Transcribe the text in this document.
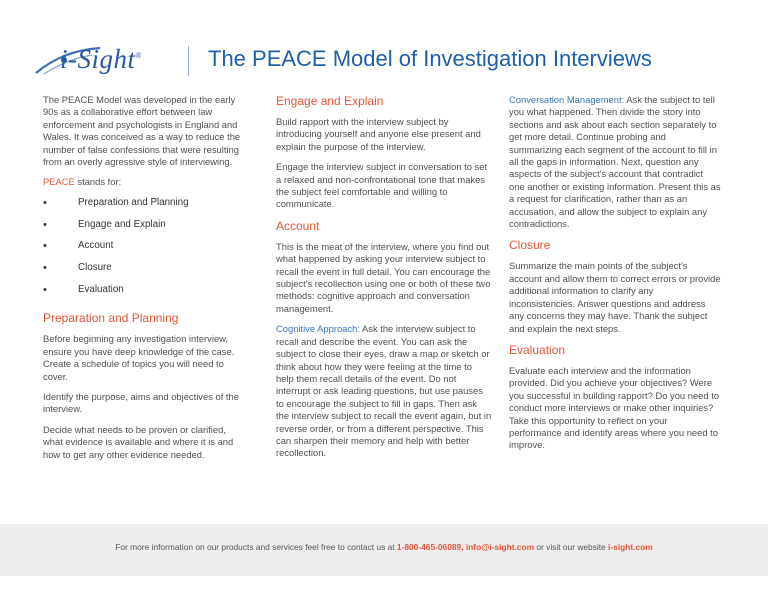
i-Sight®	The PEACE Model of Investigation Interviews

The PEACE Model was developed in the early 90s as a collaborative effort between law enforcement and psychologists in England and Wales. It was conceived as a way to reduce the number of false confessions that were resulting from an overly agressive style of interviewing.

PEACE stands for:

• Preparation and Planning
• Engage and Explain
• Account
• Closure
• Evaluation
Preparation and Planning

Before beginning any investigation interview, ensure you have deep knowledge of the case. Create a schedule of topics you will need to cover.

Identify the purpose, aims and objectives of the interview.

Decide what needs to be proven or clarified, what evidence is available and where it is and how to get any other evidence needed.

Engage and Explain

Build rapport with the interview subject by introducing yourself and anyone else present and explain the purpose of the interview.

Engage the interview subject in conversation to set a relaxed and non-confrontational tone that makes the subject feel comfortable and willing to communicate.

Account

This is the meat of the interview, where you find out what happened by asking your interview subject to recall the event in full detail. You can encourage the subject's recollection using one or both of these two methods: cognitive approach and conversation management.

Cognitive Approach: Ask the interview subject to recall and describe the event. You can ask the subject to close their eyes, draw a map or sketch or think about how they were feeling at the time to help them recall details of the event. Do not interrupt or ask leading questions, but use pauses to encourage the subject to fill in gaps. Then ask the interview subject to recall the event again, but in reverse order, or from a different perspective. This can sharpen their memory and help with better recollection.

Conversation Management: Ask the subject to tell you what happened. Then divide the story into sections and ask about each section separately to get more detail. Continue probing and summarizing each segment of the account to fill in all the gaps in information. Next, question any aspects of the subject's account that contradict one another or existing information. Present this as a request for clarification, rather than as an accusation, and allow the subject to explain any contradictions.

Closure

Summarize the main points of the subject's account and allow them to correct errors or provide additional information to clarify any inconsistencies. Answer questions and address any concerns they may have. Thank the subject and explain the next steps.

Evaluation

Evaluate each interview and the information provided. Did you achieve your objectives? Were you successful in building rapport? Do you need to conduct more interviews or make other inquiries? Take this opportunity to reflect on your performance and identify areas where you need to improve.

For more information on our products and services feel free to contact us at 1-800-465-06089, info@i-sight.com or visit our website i-sight.com
